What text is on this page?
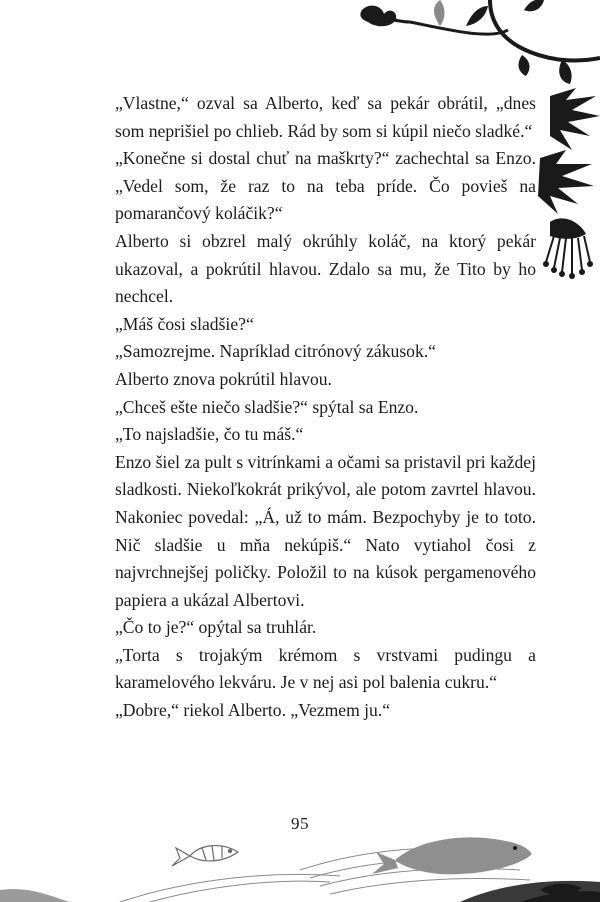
„Vlastne,“ ozval sa Alberto, keď sa pekár obrátil, „dnes som neprišiel po chlieb. Rád by som si kúpil niečo sladké.“

„Konečne si dostal chuť na maškrty?“ zachechtal sa Enzo. „Vedel som, že raz to na teba príde. Čo povieš na pomarančový koláčik?“

Alberto si obzrel malý okrúhly koláč, na ktorý pekár ukazoval, a pokrútil hlavou. Zdalo sa mu, že Tito by ho nechcel.

„Máš čosi sladšie?“

„Samozrejme. Napríklad citrónový zákusok.“

Alberto znova pokrútil hlavou.

„Chceš ešte niečo sladšie?“ spýtal sa Enzo.

„To najsladšie, čo tu máš.“

Enzo šiel za pult s vitrínkami a očami sa pristavil pri každej sladkosti. Niekoľkokrát prikývol, ale potom zavrtel hlavou. Nakoniec povedal: „Á, už to mám. Bezpochyby je to toto. Nič sladšie u mňa nekúpiš.“ Nato vytiahol čosi z najvrchnejšej poličky. Položil to na kúsok pergamenového papiera a ukázal Albertovi.

„Čo to je?“ opýtal sa truhlár.

„Torta s trojakým krémom s vrstvami pudingu a karamelového lekváru. Je v nej asi pol balenia cukru.“

„Dobre,“ riekol Alberto. „Vezmem ju.“

95
